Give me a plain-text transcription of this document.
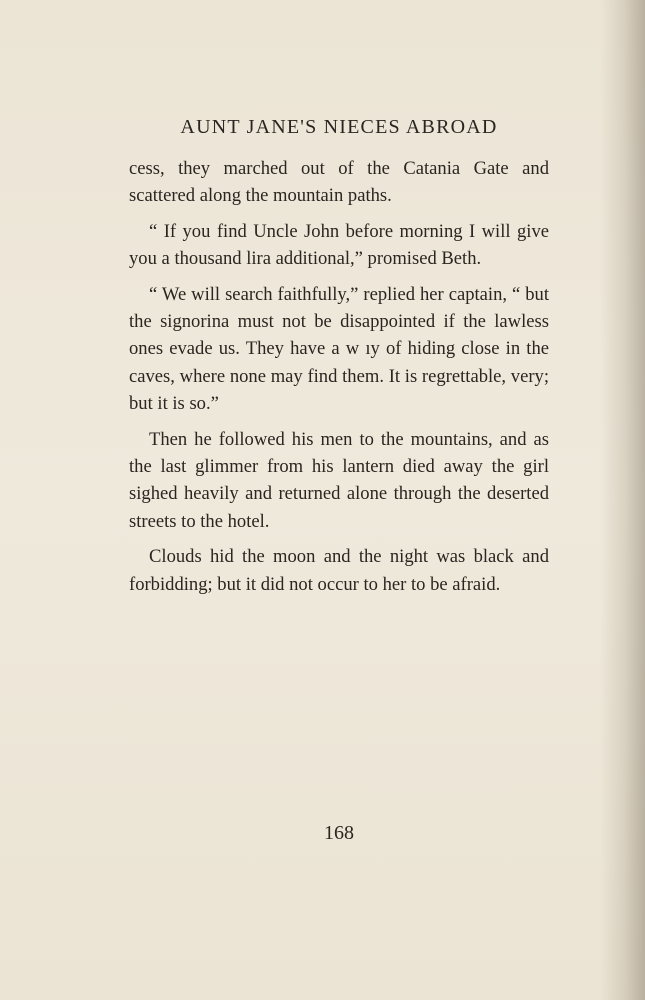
AUNT JANE'S NIECES ABROAD

cess, they marched out of the Catania Gate and scattered along the mountain paths.

“ If you find Uncle John before morning I will give you a thousand lira additional,” promised Beth.

“ We will search faithfully,” replied her captain, “ but the signorina must not be disappointed if the lawless ones evade us. They have a w ıy of hiding close in the caves, where none may find them. It is regrettable, very; but it is so.”

Then he followed his men to the mountains, and as the last glimmer from his lantern died away the girl sighed heavily and returned alone through the deserted streets to the hotel.

Clouds hid the moon and the night was black and forbidding; but it did not occur to her to be afraid.

168
